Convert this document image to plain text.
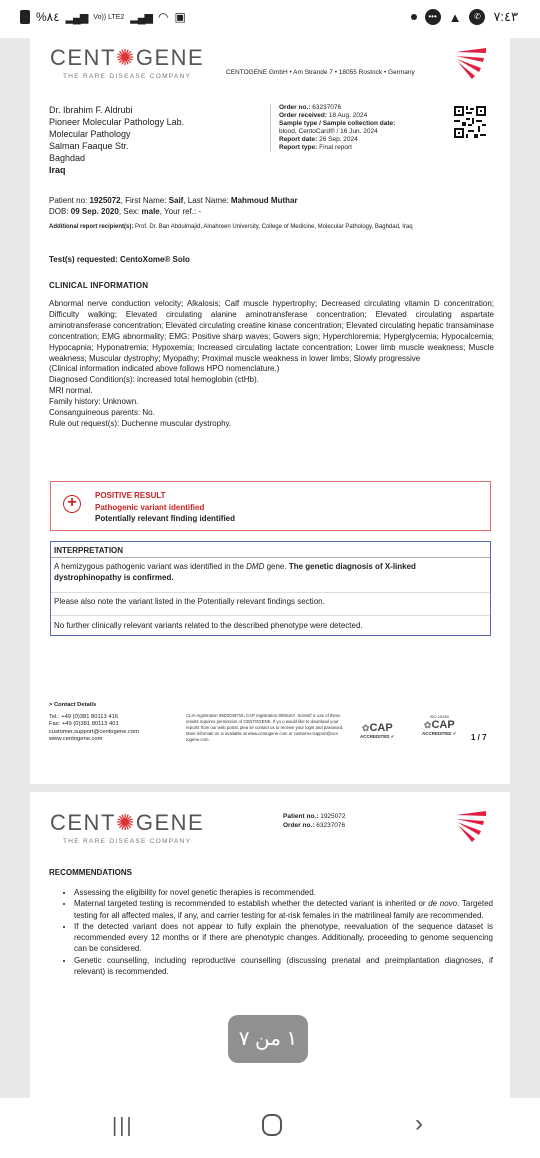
%٨٤ ▂▄▆ Vo)) LTE2 ▂▄▆ ◠ ▣	••• ▲	✆ ٧:٤٣
CENT✺GENE
THE RARE DISEASE COMPANY
CENTOGENE GmbH • Am Strande 7 • 18055 Rostock • Germany
Dr. Ibrahim F. Aldrubi
Pioneer Molecular Pathology Lab.
Molecular Pathology
Salman Faaque Str.
Baghdad
Iraq
Order no.: 63237076
Order received: 18 Aug. 2024
Sample type / Sample collection date:
blood, CentoCard® / 16 Jun. 2024
Report date: 26 Sep. 2024
Report type: Final report
Patient no: 1925072, First Name: Saif, Last Name: Mahmoud Muthar
DOB: 09 Sep. 2020, Sex: male, Your ref.: -
Additional report recipient(s): Prof. Dr. Ban Abdulmajid, Alnahreen University, College of Medicine, Molecular Pathology, Baghdad, Iraq
Test(s) requested: CentoXome® Solo
CLINICAL INFORMATION

Abnormal nerve conduction velocity; Alkalosis; Calf muscle hypertrophy; Decreased circulating vitamin D concentration; Difficulty walking; Elevated circulating alanine aminotransferase concentration; Elevated circulating aspartate aminotransferase concentration; Elevated circulating creatine kinase concentration; Elevated circulating hepatic transaminase concentration; EMG abnormality; EMG: Positive sharp waves; Gowers sign; Hyperchloremia; Hyperglycemia; Hypocalcemia; Hypocapnia; Hyponatremia; Hypoxemia; Increased circulating lactate concentration; Lower limb muscle weakness; Muscle weakness; Muscular dystrophy; Myopathy; Proximal muscle weakness in lower limbs; Slowly progressive

(Clinical information indicated above follows HPO nomenclature.)

Diagnosed Condition(s): increased total hemoglobin (ctHb).

MRI normal.

Family history: Unknown.

Consanguineous parents: No.

Rule out request(s): Duchenne muscular dystrophy.

+	POSITIVE RESULT
Pathogenic variant identified
Potentially relevant finding identified
INTERPRETATION
A hemizygous pathogenic variant was identified in the DMD gene. The genetic diagnosis of X-linked dystrophinopathy is confirmed.
Please also note the variant listed in the Potentially relevant findings section.
No further clinically relevant variants related to the described phenotype were detected.
> Contact Details
Tel.: +49 (0)381 80113 416
Fax: +49 (0)381 80113 401
customer.support@centogene.com
www.centogene.com
CLIA registration 99D2049715; CAP registration 8005167. Scientif ic use of these results requires permission of CENTOGENE. If yo u would like to download your reports from our web portal, plea se contact us to receive your login and password. More informati on is available at www.centogene.com or customer.support@cen togene.com.
✿CAP
ACCREDITED ✔
ISO 15189
✿CAP
ACCREDITED ✔ 1 / 7
CENT✺GENE
THE RARE DISEASE COMPANY
Patient no.: 1925072
Order no.: 63237076
RECOMMENDATIONS
• Assessing the eligibility for novel genetic therapies is recommended.
• Maternal targeted testing is recommended to establish whether the detected variant is inherited or de novo. Targeted testing for all affected males, if any, and carrier testing for at-risk females in the matrilineal family are recommended.
• If the detected variant does not appear to fully explain the phenotype, reevaluation of the sequence dataset is recommended every 12 months or if there are phenotypic changes. Additionally, proceeding to genome sequencing can be considered.
• Genetic counselling, including reproductive counselling (discussing prenatal and preimplantation diagnoses, if relevant) is recommended.
١ من ٧
|||	›
